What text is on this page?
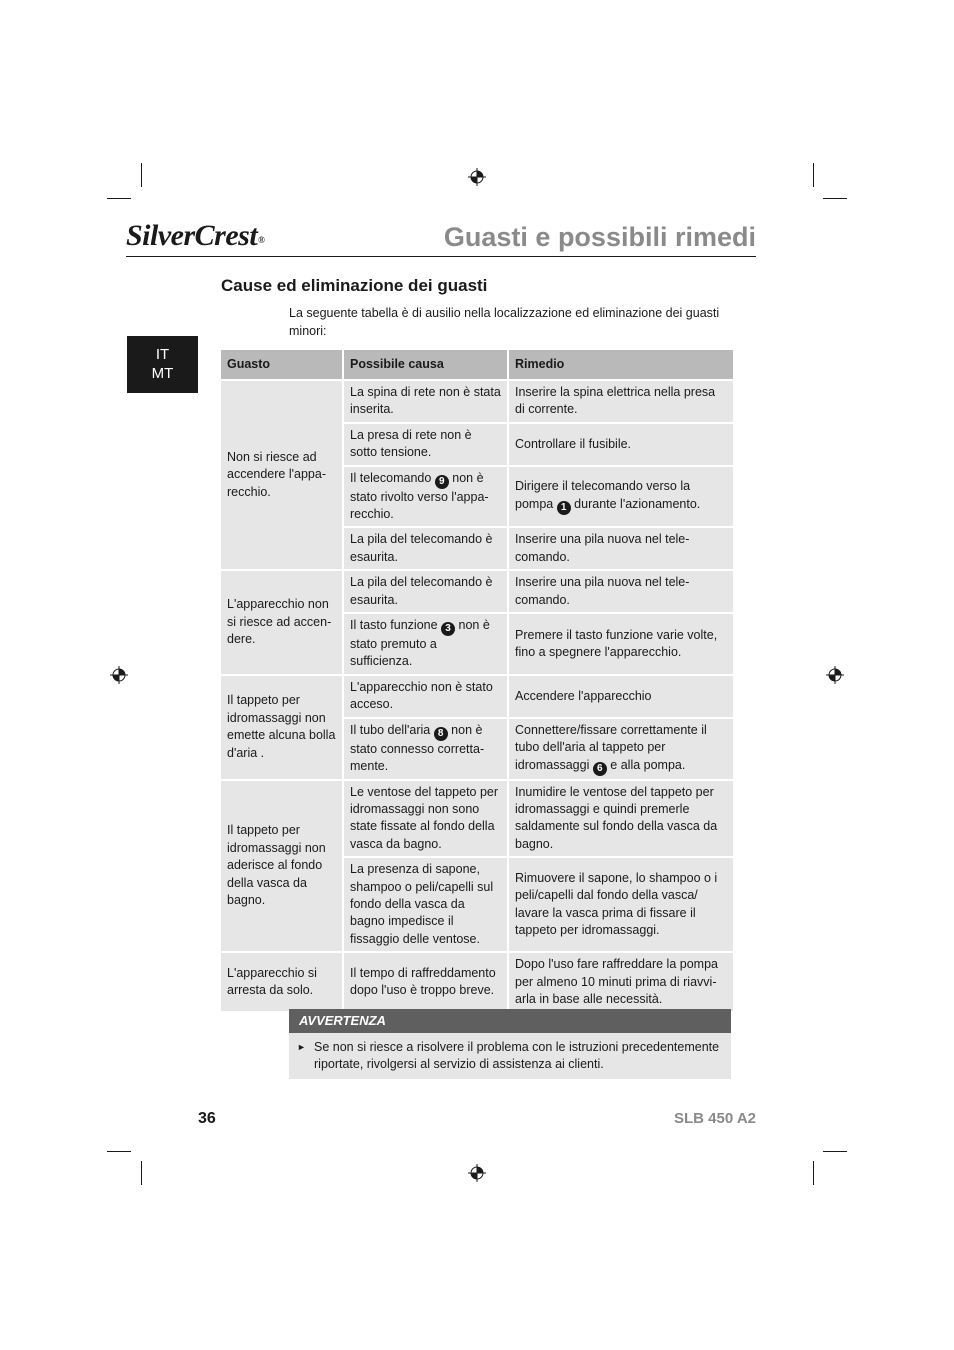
SilverCrest®	Guasti e possibili rimedi
IT
MT
Cause ed eliminazione dei guasti
La seguente tabella è di ausilio nella localizzazione ed eliminazione dei guasti minori:
Guasto	Possibile causa	Rimedio
Non si riesce ad accendere l'apparecchio.	La spina di rete non è stata inserita.	Inserire la spina elettrica nella presa di corrente.
	La presa di rete non è sotto tensione.	Controllare il fusibile.
	Il telecomando 9 non è stato rivolto verso l'apparecchio.	Dirigere il telecomando verso la pompa 1 durante l'azionamento.
	La pila del telecomando è esaurita.	Inserire una pila nuova nel telecomando.
L'apparecchio non si riesce ad accendere.	La pila del telecomando è esaurita.	Inserire una pila nuova nel telecomando.
	Il tasto funzione 3 non è stato premuto a sufficienza.	Premere il tasto funzione varie volte, fino a spegnere l'apparecchio.
Il tappeto per idromassaggi non emette alcuna bolla d'aria .	L'apparecchio non è stato acceso.	Accendere l'apparecchio
	Il tubo dell'aria 8 non è stato connesso correttamente.	Connettere/fissare correttamente il tubo dell'aria al tappeto per idromassaggi 6 e alla pompa.
Il tappeto per idromassaggi non aderisce al fondo della vasca da bagno.	Le ventose del tappeto per idromassaggi non sono state fissate al fondo della vasca da bagno.	Inumidire le ventose del tappeto per idromassaggi e quindi premerle saldamente sul fondo della vasca da bagno.
	La presenza di sapone, shampoo o peli/capelli sul fondo della vasca da bagno impedisce il fissaggio delle ventose.	Rimuovere il sapone, lo shampoo o i peli/capelli dal fondo della vasca/ lavare la vasca prima di fissare il tappeto per idromassaggi.
L'apparecchio si arresta da solo.	Il tempo di raffreddamento dopo l'uso è troppo breve.	Dopo l'uso fare raffreddare la pompa per almeno 10 minuti prima di riavviarla in base alle necessità.
AVVERTENZA
► Se non si riesce a risolvere il problema con le istruzioni precedentemente riportate, rivolgersi al servizio di assistenza ai clienti.
36	SLB 450 A2
